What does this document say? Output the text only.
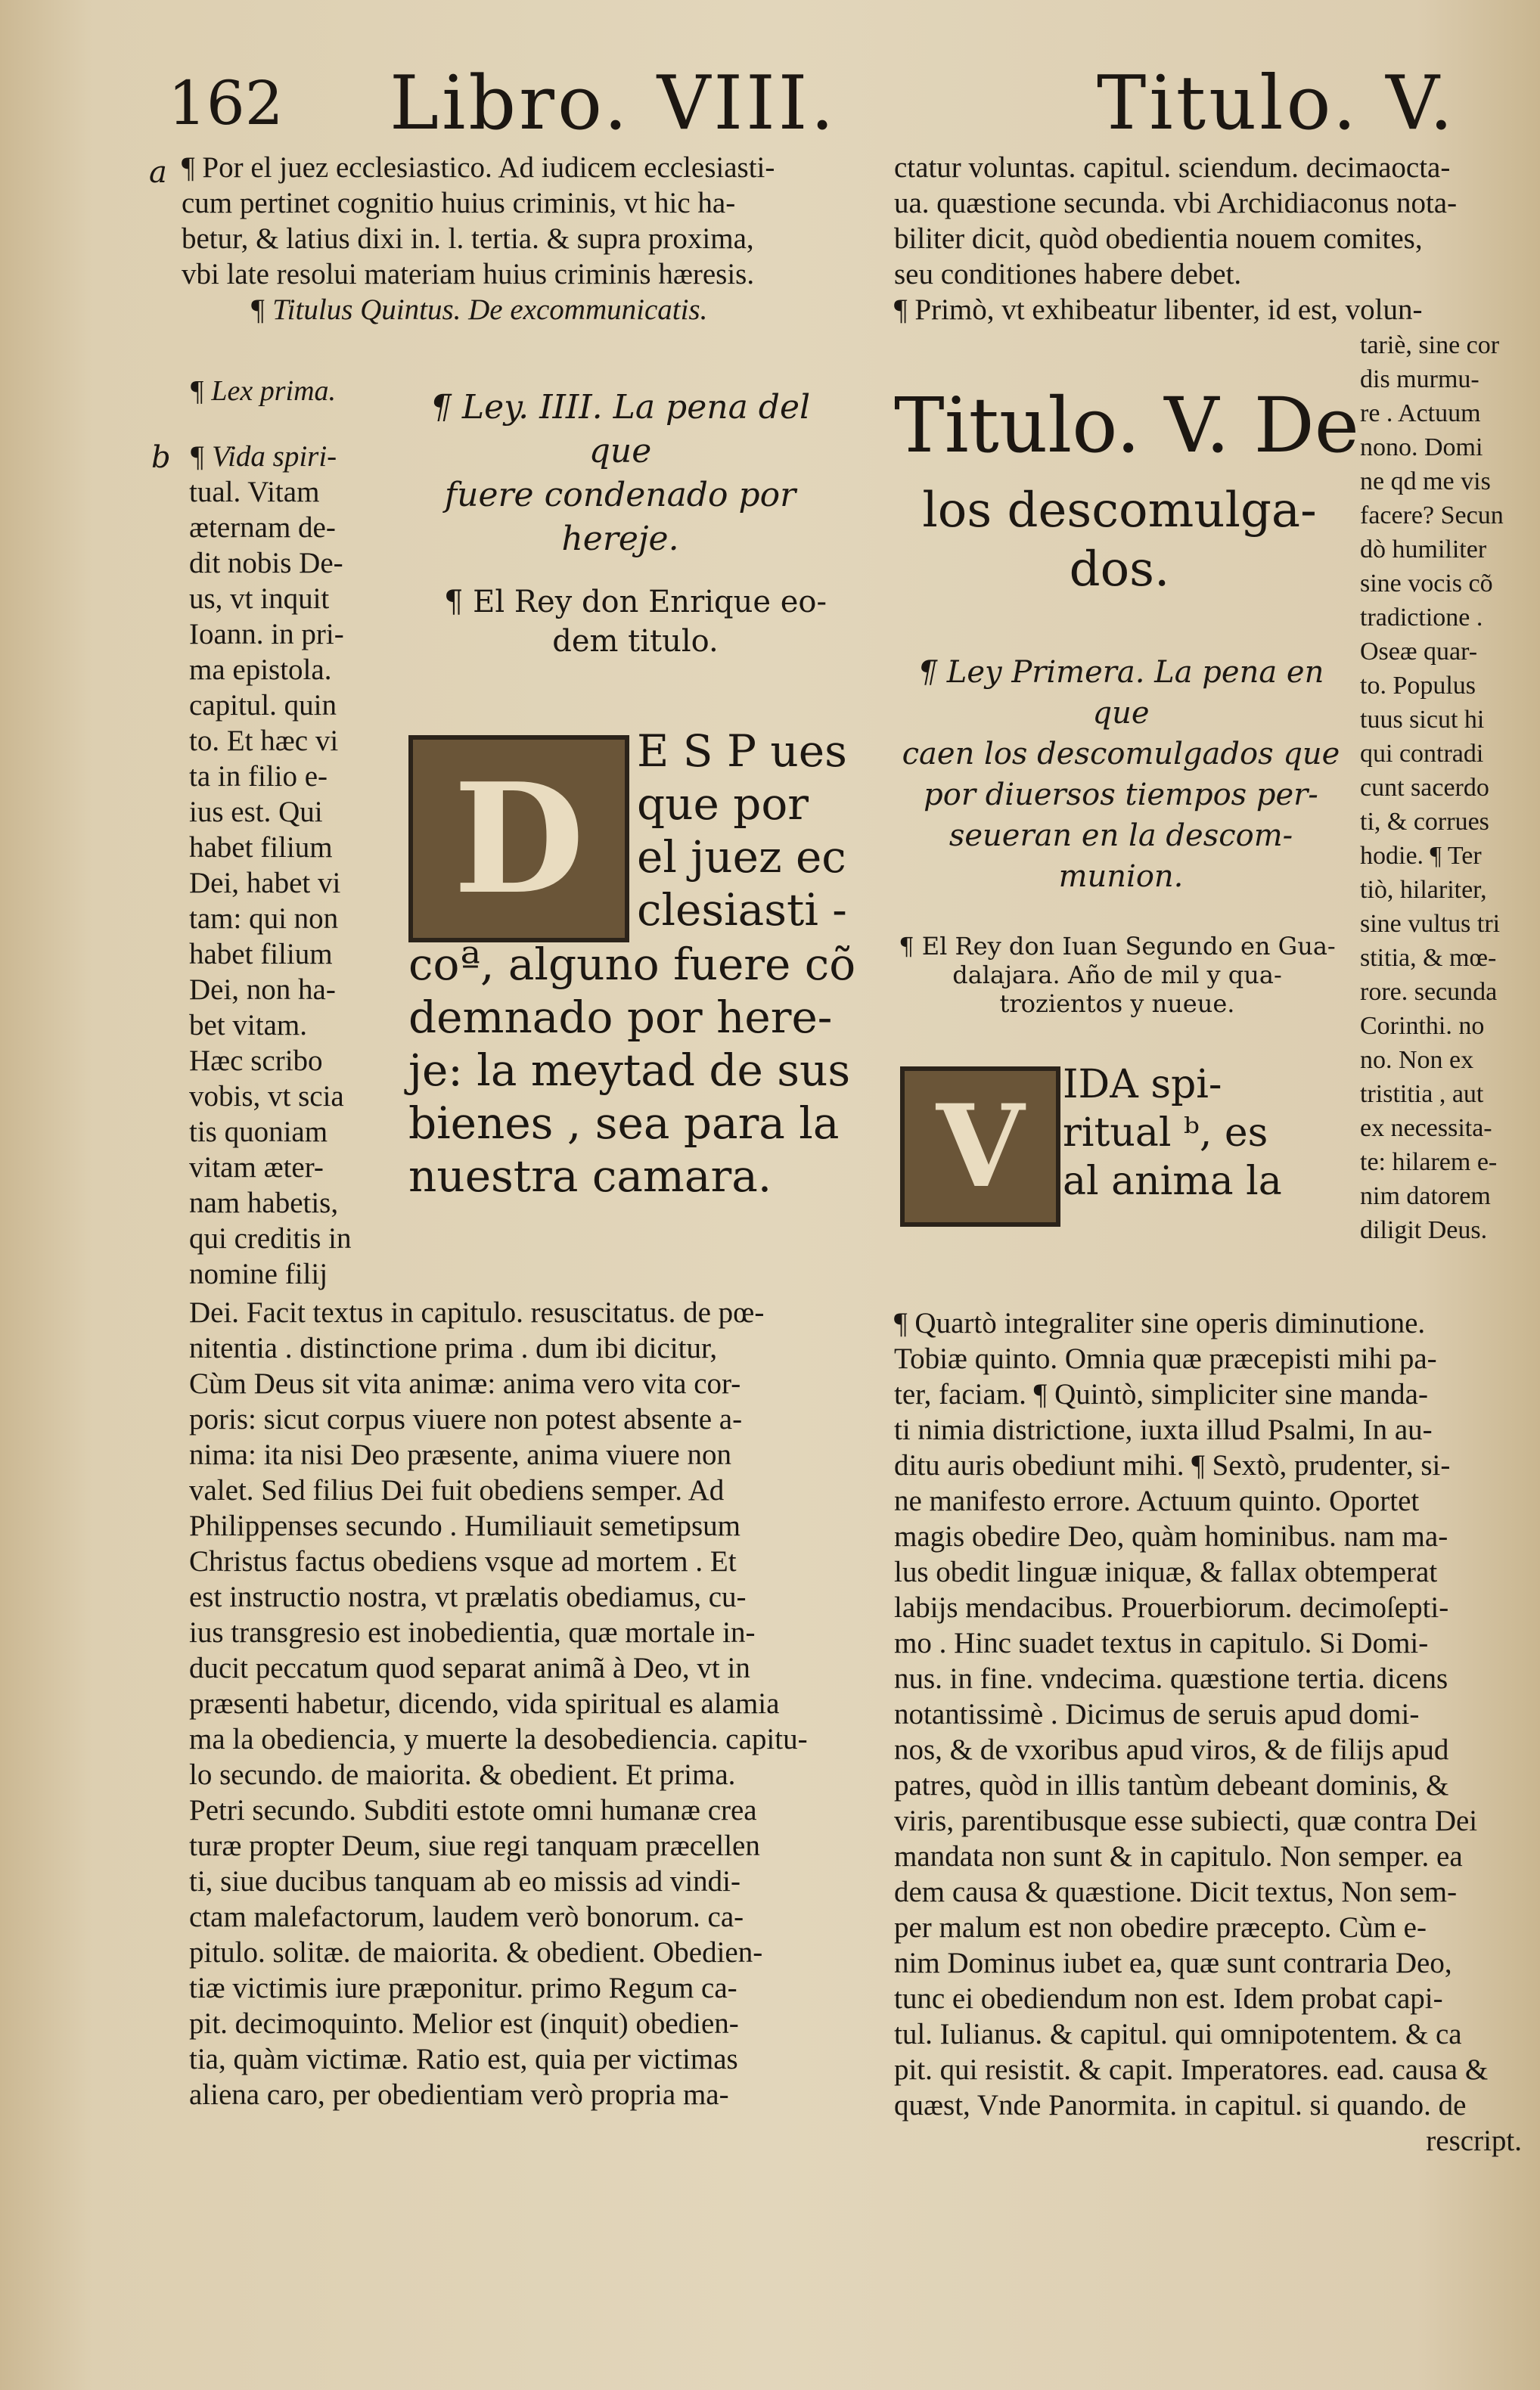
162 Libro. VIII.	Titulo. V.
a
b
¶ Por el juez ecclesiastico. Ad iudicem ecclesiasti-
cum pertinet cognitio huius criminis, vt hic ha-
betur, & latius dixi in. l. tertia. & supra proxima,
vbi late resolui materiam huius criminis hæresis.
¶ Titulus Quintus. De excommunicatis.
¶ Lex prima.
¶ Vida spiri-
tual. Vitam
æternam de-
dit nobis De-
us, vt inquit
Ioann. in pri-
ma epistola.
capitul. quin
to. Et hæc vi
ta in filio e-
ius est. Qui
habet filium
Dei, habet vi
tam: qui non
habet filium
Dei, non ha-
bet vitam.
Hæc scribo
vobis, vt scia
tis quoniam
vitam æter-
nam habetis,
qui creditis in
nomine filij
¶ Ley. IIII. La pena del que
fuere condenado por
hereje.
¶ El Rey don Enrique eo-
dem titulo.
D	E S P ues
que por
el juez ec
clesiasti -
coª, alguno fuere cõ
demnado por here-
je: la meytad de sus
bienes , sea para la
nuestra camara.
Dei. Facit textus in capitulo. resuscitatus. de pœ-
nitentia . distinctione prima . dum ibi dicitur,
Cùm Deus sit vita animæ: anima vero vita cor-
poris: sicut corpus viuere non potest absente a-
nima: ita nisi Deo præsente, anima viuere non
valet. Sed filius Dei fuit obediens semper. Ad
Philippenses secundo . Humiliauit semetipsum
Christus factus obediens vsque ad mortem . Et
est instructio nostra, vt prælatis obediamus, cu-
ius transgresio est inobedientia, quæ mortale in-
ducit peccatum quod separat animã à Deo, vt in
præsenti habetur, dicendo, vida spiritual es alamia
ma la obediencia, y muerte la desobediencia. capitu-
lo secundo. de maiorita. & obedient. Et prima.
Petri secundo. Subditi estote omni humanæ crea
turæ propter Deum, siue regi tanquam præcellen
ti, siue ducibus tanquam ab eo missis ad vindi-
ctam malefactorum, laudem verò bonorum. ca-
pitulo. solitæ. de maiorita. & obedient. Obedien-
tiæ victimis iure præponitur. primo Regum ca-
pit. decimoquinto. Melior est (inquit) obedien-
tia, quàm victimæ. Ratio est, quia per victimas
aliena caro, per obedientiam verò propria ma-
ctatur voluntas. capitul. sciendum. decimaocta-
ua. quæstione secunda. vbi Archidiaconus nota-
biliter dicit, quòd obedientia nouem comites,
seu conditiones habere debet.
¶ Primò, vt exhibeatur libenter, id est, volun-
Titulo. V. De
los descomulga-
dos.
¶ Ley Primera. La pena en que
caen los descomulgados que
por diuersos tiempos per-
seueran en la descom-
munion.
¶ El Rey don Iuan Segundo en Gua-
dalajara. Año de mil y qua-
trozientos y nueue.
V IDA spi-
ritual ᵇ, es
al anima la
tariè, sine cor
dis murmu-
re . Actuum
nono. Domi
ne qd me vis
facere? Secun
dò humiliter
sine vocis cõ
tradictione .
Oseæ quar-
to. Populus
tuus sicut hi
qui contradi
cunt sacerdo
ti, & corrues
hodie. ¶ Ter
tiò, hilariter,
sine vultus tri
stitia, & mœ-
rore. secunda
Corinthi. no
no. Non ex
tristitia , aut
ex necessita-
te: hilarem e-
nim datorem
diligit Deus.
¶ Quartò integraliter sine operis diminutione.
Tobiæ quinto. Omnia quæ præcepisti mihi pa-
ter, faciam. ¶ Quintò, simpliciter sine manda-
ti nimia districtione, iuxta illud Psalmi, In au-
ditu auris obediunt mihi. ¶ Sextò, prudenter, si-
ne manifesto errore. Actuum quinto. Oportet
magis obedire Deo, quàm hominibus. nam ma-
lus obedit linguæ iniquæ, & fallax obtemperat
labijs mendacibus. Prouerbiorum. decimoſepti-
mo . Hinc suadet textus in capitulo. Si Domi-
nus. in fine. vndecima. quæstione tertia. dicens
notantissimè . Dicimus de seruis apud domi-
nos, & de vxoribus apud viros, & de filijs apud
patres, quòd in illis tantùm debeant dominis, &
viris, parentibusque esse subiecti, quæ contra Dei
mandata non sunt & in capitulo. Non semper. ea
dem causa & quæstione. Dicit textus, Non sem-
per malum est non obedire præcepto. Cùm e-
nim Dominus iubet ea, quæ sunt contraria Deo,
tunc ei obediendum non est. Idem probat capi-
tul. Iulianus. & capitul. qui omnipotentem. & ca
pit. qui resistit. & capit. Imperatores. ead. causa &
quæst, Vnde Panormita. in capitul. si quando. de
rescript.
